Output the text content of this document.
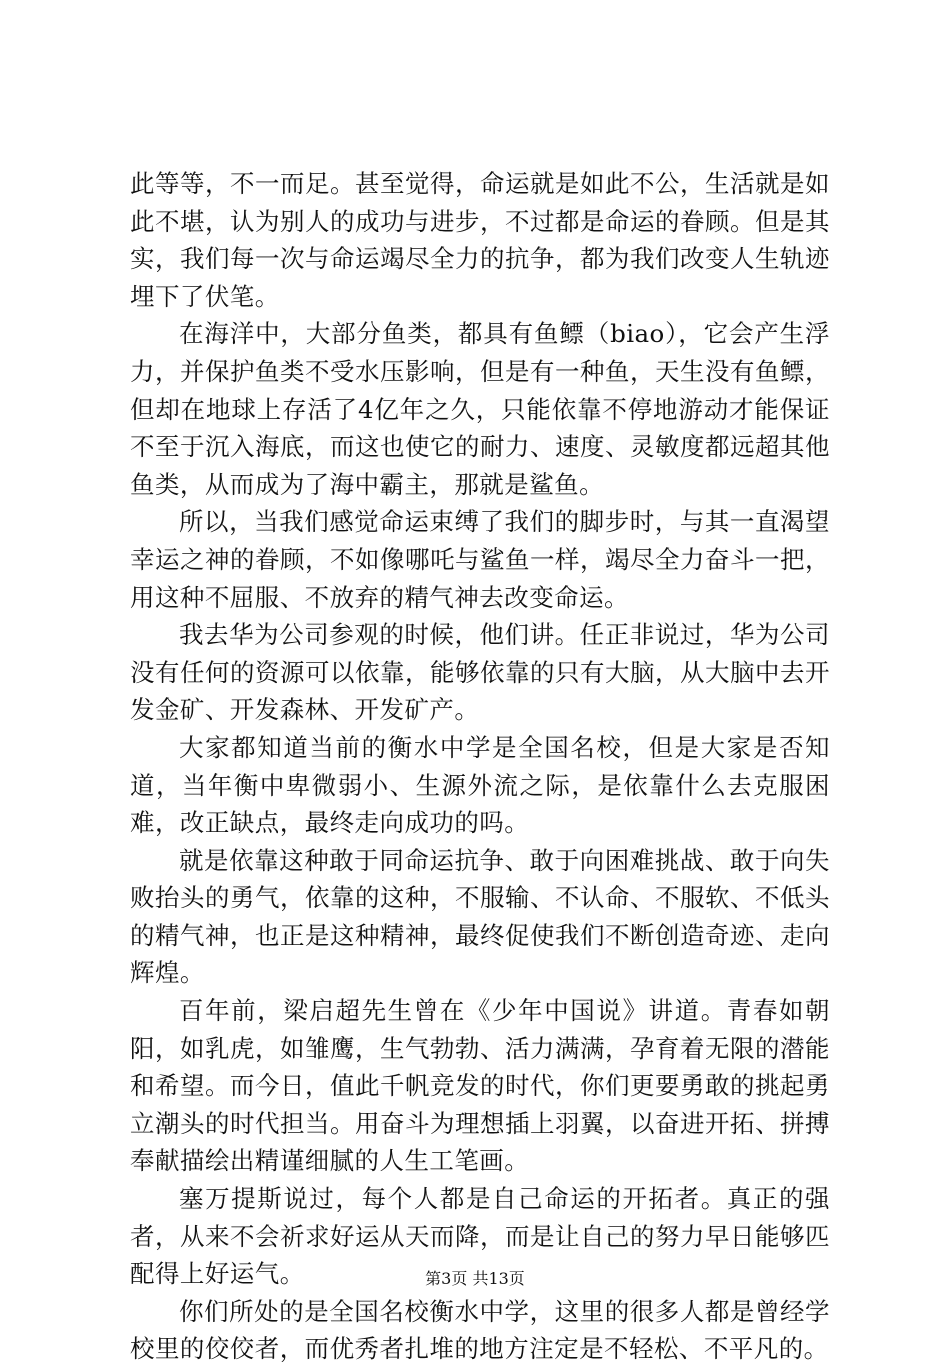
此等等，不一而足。甚至觉得，命运就是如此不公，生活就是如此不堪，认为别人的成功与进步，不过都是命运的眷顾。但是其实，我们每一次与命运竭尽全力的抗争，都为我们改变人生轨迹埋下了伏笔。

在海洋中，大部分鱼类，都具有鱼鳔（biao），它会产生浮力，并保护鱼类不受水压影响，但是有一种鱼，天生没有鱼鳔，但却在地球上存活了4亿年之久，只能依靠不停地游动才能保证不至于沉入海底，而这也使它的耐力、速度、灵敏度都远超其他鱼类，从而成为了海中霸主，那就是鲨鱼。

所以，当我们感觉命运束缚了我们的脚步时，与其一直渴望幸运之神的眷顾，不如像哪吒与鲨鱼一样，竭尽全力奋斗一把，用这种不屈服、不放弃的精气神去改变命运。

我去华为公司参观的时候，他们讲。任正非说过，华为公司没有任何的资源可以依靠，能够依靠的只有大脑，从大脑中去开发金矿、开发森林、开发矿产。

大家都知道当前的衡水中学是全国名校，但是大家是否知道，当年衡中卑微弱小、生源外流之际，是依靠什么去克服困难，改正缺点，最终走向成功的吗。

就是依靠这种敢于同命运抗争、敢于向困难挑战、敢于向失败抬头的勇气，依靠的这种，不服输、不认命、不服软、不低头的精气神，也正是这种精神，最终促使我们不断创造奇迹、走向辉煌。

百年前，梁启超先生曾在《少年中国说》讲道。青春如朝阳，如乳虎，如雏鹰，生气勃勃、活力满满，孕育着无限的潜能和希望。而今日，值此千帆竞发的时代，你们更要勇敢的挑起勇立潮头的时代担当。用奋斗为理想插上羽翼，以奋进开拓、拼搏奉献描绘出精谨细腻的人生工笔画。

塞万提斯说过，每个人都是自己命运的开拓者。真正的强者，从来不会祈求好运从天而降，而是让自己的努力早日能够匹配得上好运气。

你们所处的是全国名校衡水中学，这里的很多人都是曾经学校里的佼佼者，而优秀者扎堆的地方注定是不轻松、不平凡的。

第3页 共13页
